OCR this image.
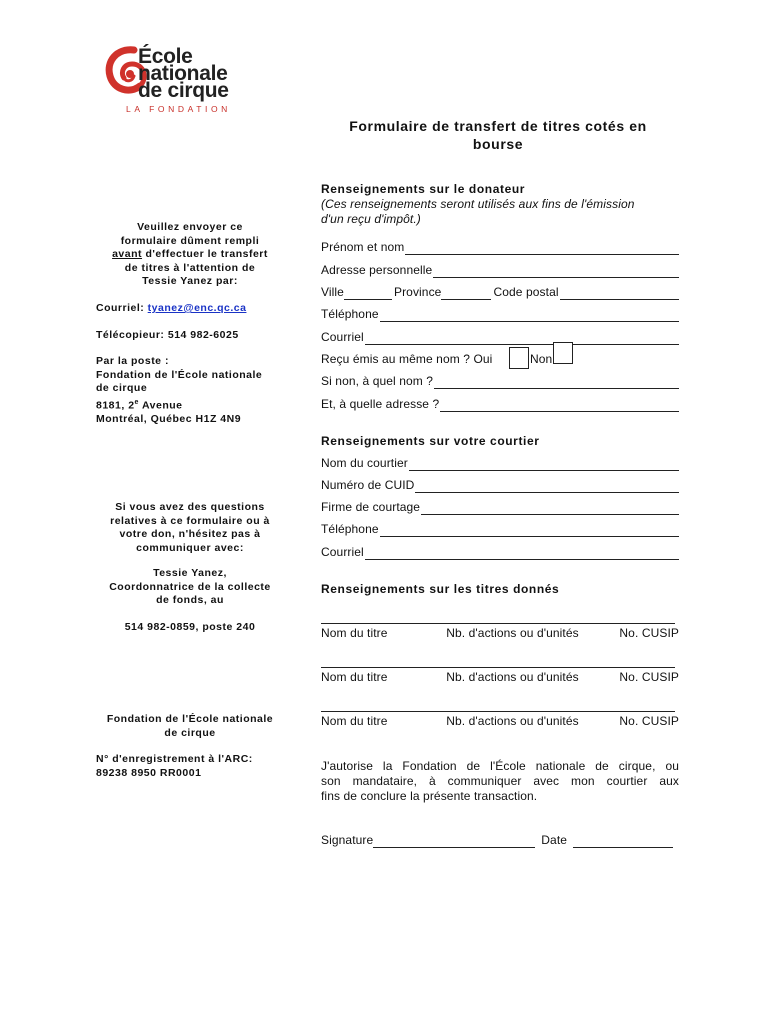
École
nationale
de cirque
LA FONDATION
Formulaire de transfert de titres cotés en
bourse
Veuillez envoyer ce
formulaire dûment rempli
avant d'effectuer le transfert
de titres à l'attention de
Tessie Yanez par:
Courriel: tyanez@enc.qc.ca
Télécopieur: 514 982-6025
Par la poste :
Fondation de l'École nationale
de cirque
8181, 2e Avenue
Montréal, Québec H1Z 4N9
Si vous avez des questions
relatives à ce formulaire ou à
votre don, n'hésitez pas à
communiquer avec:
Tessie Yanez,
Coordonnatrice de la collecte
de fonds, au
514 982-0859, poste 240
Fondation de l'École nationale
de cirque
N° d'enregistrement à l'ARC:
89238 8950 RR0001
Renseignements sur le donateur
(Ces renseignements seront utilisés aux fins de l'émission
d'un reçu d'impôt.)
Prénom et nom
Adresse personnelle
Ville	Province	Code postal
Téléphone
Courriel
Reçu émis au même nom ? Oui	Non
Si non, à quel nom ?
Et, à quelle adresse ?
Renseignements sur votre courtier
Nom du courtier
Numéro de CUID
Firme de courtage
Téléphone
Courriel
Renseignements sur les titres donnés
Nom du titre	Nb. d'actions ou d'unités	No. CUSIP
Nom du titre	Nb. d'actions ou d'unités	No. CUSIP
Nom du titre	Nb. d'actions ou d'unités	No. CUSIP
J'autorise la Fondation de l'École nationale de cirque, ou
son mandataire, à communiquer avec mon courtier aux
fins de conclure la présente transaction.
Signature	Date
